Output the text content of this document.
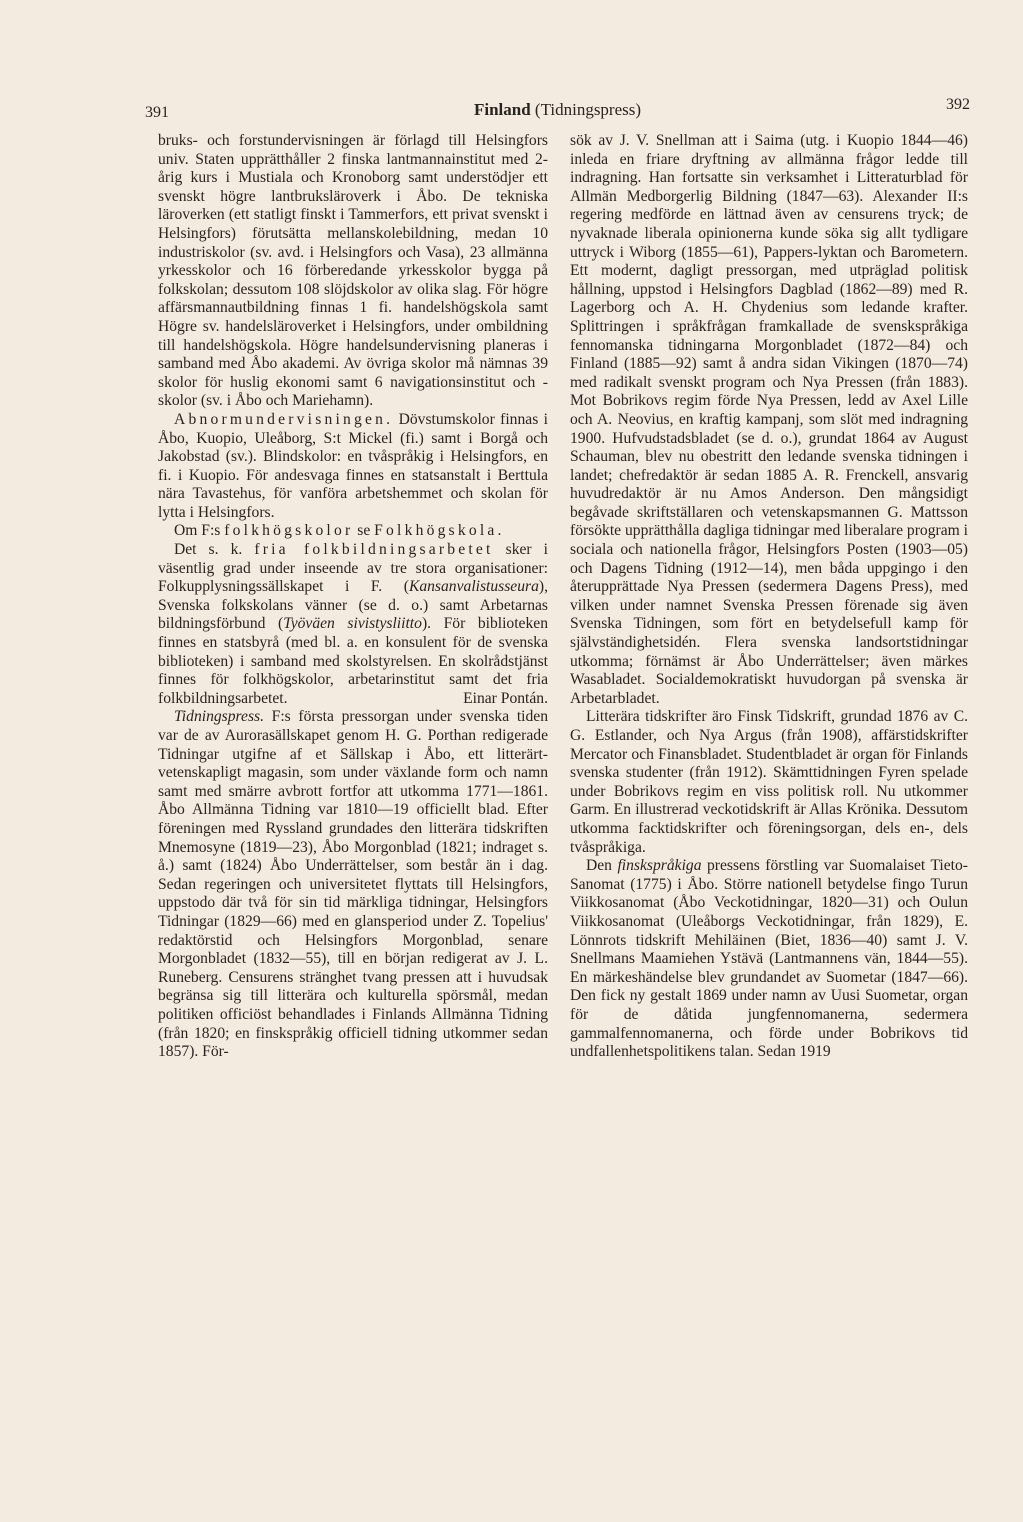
391	Finland (Tidningspress)	392

bruks- och forstundervisningen är förlagd till Helsingfors univ. Staten upprätthåller 2 finska lantmannainstitut med 2-årig kurs i Mustiala och Kronoborg samt understödjer ett svenskt högre lantbruksläroverk i Åbo. De tekniska läroverken (ett statligt finskt i Tammerfors, ett privat svenskt i Helsingfors) förutsätta mellanskolebildning, medan 10 industriskolor (sv. avd. i Helsingfors och Vasa), 23 allmänna yrkesskolor och 16 förberedande yrkesskolor bygga på folkskolan; dessutom 108 slöjdskolor av olika slag. För högre affärsmannautbildning finnas 1 fi. handelshögskola samt Högre sv. handelsläroverket i Helsingfors, under ombildning till handelshögskola. Högre handelsundervisning planeras i samband med Åbo akademi. Av övriga skolor må nämnas 39 skolor för huslig ekonomi samt 6 navigationsinstitut och -skolor (sv. i Åbo och Mariehamn).

Abnormundervisningen. Dövstumskolor finnas i Åbo, Kuopio, Uleåborg, S:t Mickel (fi.) samt i Borgå och Jakobstad (sv.). Blindskolor: en tvåspråkig i Helsingfors, en fi. i Kuopio. För andesvaga finnes en statsanstalt i Berttula nära Tavastehus, för vanföra arbetshemmet och skolan för lytta i Helsingfors.

Om F:s folkhögskolor se Folkhögskola.

Det s. k. fria folkbildningsarbetet sker i väsentlig grad under inseende av tre stora organisationer: Folkupplysningssällskapet i F. (Kansanvalistusseura), Svenska folkskolans vänner (se d. o.) samt Arbetarnas bildningsförbund (Työväen sivistysliitto). För biblioteken finnes en statsbyrå (med bl. a. en konsulent för de svenska biblioteken) i samband med skolstyrelsen. En skolrådstjänst finnes för folkhögskolor, arbetarinstitut samt det fria folkbildningsarbetet.	Einar Pontán.

Tidningspress. F:s första pressorgan under svenska tiden var de av Aurorasällskapet genom H. G. Porthan redigerade Tidningar utgifne af et Sällskap i Åbo, ett litterärt-vetenskapligt magasin, som under växlande form och namn samt med smärre avbrott fortfor att utkomma 1771—1861. Åbo Allmänna Tidning var 1810—19 officiellt blad. Efter föreningen med Ryssland grundades den litterära tidskriften Mnemosyne (1819—23), Åbo Morgonblad (1821; indraget s. å.) samt (1824) Åbo Underrättelser, som består än i dag. Sedan regeringen och universitetet flyttats till Helsingfors, uppstodo där två för sin tid märkliga tidningar, Helsingfors Tidningar (1829—66) med en glansperiod under Z. Topelius' redaktörstid och Helsingfors Morgonblad, senare Morgonbladet (1832—55), till en början redigerat av J. L. Runeberg. Censurens stränghet tvang pressen att i huvudsak begränsa sig till litterära och kulturella spörsmål, medan politiken officiöst behandlades i Finlands Allmänna Tidning (från 1820; en finskspråkig officiell tidning utkommer sedan 1857). För-

sök av J. V. Snellman att i Saima (utg. i Kuopio 1844—46) inleda en friare dryftning av allmänna frågor ledde till indragning. Han fortsatte sin verksamhet i Litteraturblad för Allmän Medborgerlig Bildning (1847—63). Alexander II:s regering medförde en lättnad även av censurens tryck; de nyvaknade liberala opinionerna kunde söka sig allt tydligare uttryck i Wiborg (1855—61), Pappers-lyktan och Barometern. Ett modernt, dagligt pressorgan, med utpräglad politisk hållning, uppstod i Helsingfors Dagblad (1862—89) med R. Lagerborg och A. H. Chydenius som ledande krafter. Splittringen i språkfrågan framkallade de svenskspråkiga fennomanska tidningarna Morgonbladet (1872—84) och Finland (1885—92) samt å andra sidan Vikingen (1870—74) med radikalt svenskt program och Nya Pressen (från 1883). Mot Bobrikovs regim förde Nya Pressen, ledd av Axel Lille och A. Neovius, en kraftig kampanj, som slöt med indragning 1900. Hufvudstadsbladet (se d. o.), grundat 1864 av August Schauman, blev nu obestritt den ledande svenska tidningen i landet; chefredaktör är sedan 1885 A. R. Frenckell, ansvarig huvudredaktör är nu Amos Anderson. Den mångsidigt begåvade skriftställaren och vetenskapsmannen G. Mattsson försökte upprätthålla dagliga tidningar med liberalare program i sociala och nationella frågor, Helsingfors Posten (1903—05) och Dagens Tidning (1912—14), men båda uppgingo i den återupprättade Nya Pressen (sedermera Dagens Press), med vilken under namnet Svenska Pressen förenade sig även Svenska Tidningen, som fört en betydelsefull kamp för självständighetsidén. Flera svenska landsortstidningar utkomma; förnämst är Åbo Underrättelser; även märkes Wasabladet. Socialdemokratiskt huvudorgan på svenska är Arbetarbladet.

Litterära tidskrifter äro Finsk Tidskrift, grundad 1876 av C. G. Estlander, och Nya Argus (från 1908), affärstidskrifter Mercator och Finansbladet. Studentbladet är organ för Finlands svenska studenter (från 1912). Skämttidningen Fyren spelade under Bobrikovs regim en viss politisk roll. Nu utkommer Garm. En illustrerad veckotidskrift är Allas Krönika. Dessutom utkomma facktidskrifter och föreningsorgan, dels en-, dels tvåspråkiga.

Den finskspråkiga pressens förstling var Suomalaiset Tieto-Sanomat (1775) i Åbo. Större nationell betydelse fingo Turun Viikkosanomat (Åbo Veckotidningar, 1820—31) och Oulun Viikkosanomat (Uleåborgs Veckotidningar, från 1829), E. Lönnrots tidskrift Mehiläinen (Biet, 1836—40) samt J. V. Snellmans Maamiehen Ystävä (Lantmannens vän, 1844—55). En märkeshändelse blev grundandet av Suometar (1847—66). Den fick ny gestalt 1869 under namn av Uusi Suometar, organ för de dåtida jungfennomanerna, sedermera gammalfennomanerna, och förde under Bobrikovs tid undfallenhetspolitikens talan. Sedan 1919
